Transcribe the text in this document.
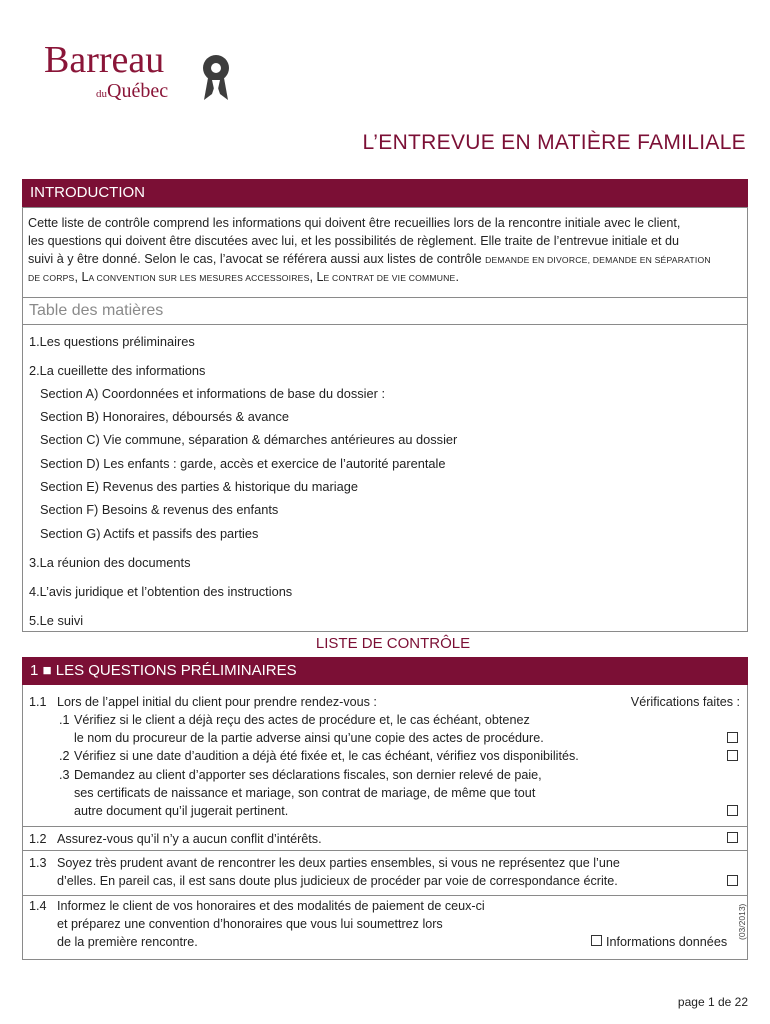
Barreau
duQuébec
L’ENTREVUE EN MATIÈRE FAMILIALE
INTRODUCTION
Cette liste de contrôle comprend les informations qui doivent être recueillies lors de la rencontre initiale avec le client,
les questions qui doivent être discutées avec lui, et les possibilités de règlement. Elle traite de l’entrevue initiale et du
suivi à y être donné. Selon le cas, l’avocat se référera aussi aux listes de contrôle DEMANDE EN DIVORCE, DEMANDE EN SÉPARATION
DE CORPS, LA CONVENTION SUR LES MESURES ACCESSOIRES, LE CONTRAT DE VIE COMMUNE.
Table des matières
1.Les questions préliminaires
2.La cueillette des informations
Section A) Coordonnées et informations de base du dossier :
Section B) Honoraires, déboursés & avance
Section C) Vie commune, séparation & démarches antérieures au dossier
Section D) Les enfants : garde, accès et exercice de l’autorité parentale
Section E) Revenus des parties & historique du mariage
Section F) Besoins & revenus des enfants
Section G) Actifs et passifs des parties
3.La réunion des documents
4.L’avis juridique et l’obtention des instructions
5.Le suivi
LISTE DE CONTRÔLE
1 ■ LES QUESTIONS PRÉLIMINAIRES
1.1 Lors de l’appel initial du client pour prendre rendez-vous :	Vérifications faites :
.1 Vérifiez si le client a déjà reçu des actes de procédure et, le cas échéant, obtenez
le nom du procureur de la partie adverse ainsi qu’une copie des actes de procédure.
.2 Vérifiez si une date d’audition a déjà été fixée et, le cas échéant, vérifiez vos disponibilités.
.3 Demandez au client d’apporter ses déclarations fiscales, son dernier relevé de paie,
ses certificats de naissance et mariage, son contrat de mariage, de même que tout
autre document qu’il jugerait pertinent.
1.2 Assurez-vous qu’il n’y a aucun conflit d’intérêts.
1.3 Soyez très prudent avant de rencontrer les deux parties ensembles, si vous ne représentez que l’une
d’elles. En pareil cas, il est sans doute plus judicieux de procéder par voie de correspondance écrite.
1.4 Informez le client de vos honoraires et des modalités de paiement de ceux-ci
et préparez une convention d’honoraires que vous lui soumettrez lors
de la première rencontre.	Informations données
(03/2013)
page 1 de 22
